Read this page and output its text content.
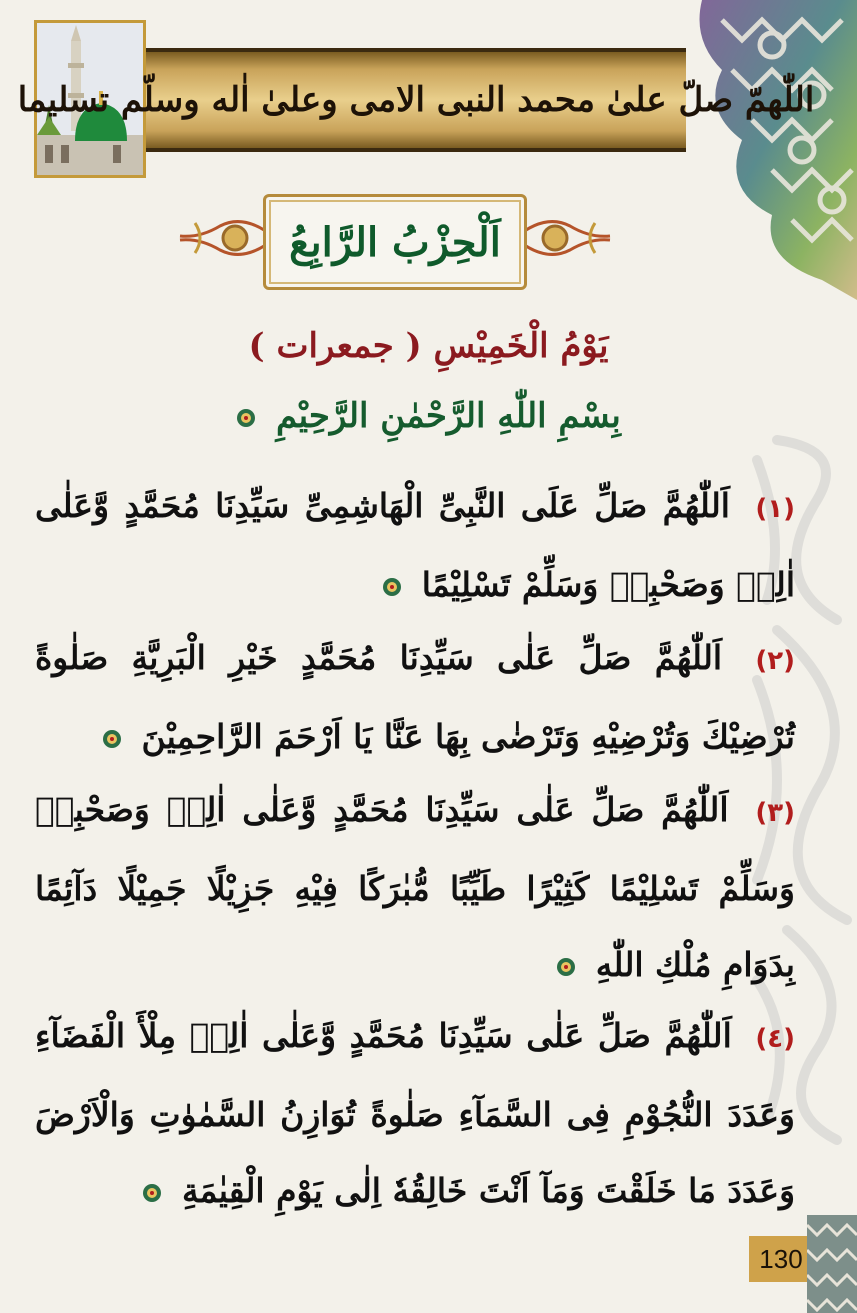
اللّٰهمّ صلّ علیٰ محمد النبی الامی وعلیٰ اٰله وسلّم تسلیما
اَلْحِزْبُ الرَّابِعُ
یَوْمُ الْخَمِیْسِ ( جمعرات )
بِسْمِ اللّٰهِ الرَّحْمٰنِ الرَّحِیْمِ
(١) اَللّٰهُمَّ صَلِّ عَلَى النَّبِیِّ الْهَاشِمِیِّ سَیِّدِنَا مُحَمَّدٍ وَّعَلٰى اٰلِهٖ وَصَحْبِهٖ وَسَلِّمْ تَسْلِیْمًا
(٢) اَللّٰهُمَّ صَلِّ عَلٰى سَیِّدِنَا مُحَمَّدٍ خَیْرِ الْبَرِیَّةِ صَلٰوةً تُرْضِیْكَ وَتُرْضِیْهِ وَتَرْضٰى بِهَا عَنَّا یَا اَرْحَمَ الرَّاحِمِیْنَ
(٣) اَللّٰهُمَّ صَلِّ عَلٰى سَیِّدِنَا مُحَمَّدٍ وَّعَلٰى اٰلِهٖ وَصَحْبِهٖ وَسَلِّمْ تَسْلِیْمًا كَثِیْرًا طَیِّبًا مُّبٰرَكًا فِیْهِ جَزِیْلًا جَمِیْلًا دَآئِمًا بِدَوَامِ مُلْكِ اللّٰهِ
(٤) اَللّٰهُمَّ صَلِّ عَلٰى سَیِّدِنَا مُحَمَّدٍ وَّعَلٰى اٰلِهٖ مِلْأَ الْفَضَآءِ وَعَدَدَ النُّجُوْمِ فِی السَّمَآءِ صَلٰوةً تُوَازِنُ السَّمٰوٰتِ وَالْاَرْضَ وَعَدَدَ مَا خَلَقْتَ وَمَآ اَنْتَ خَالِقُهٗ اِلٰى یَوْمِ الْقِیٰمَةِ
130
